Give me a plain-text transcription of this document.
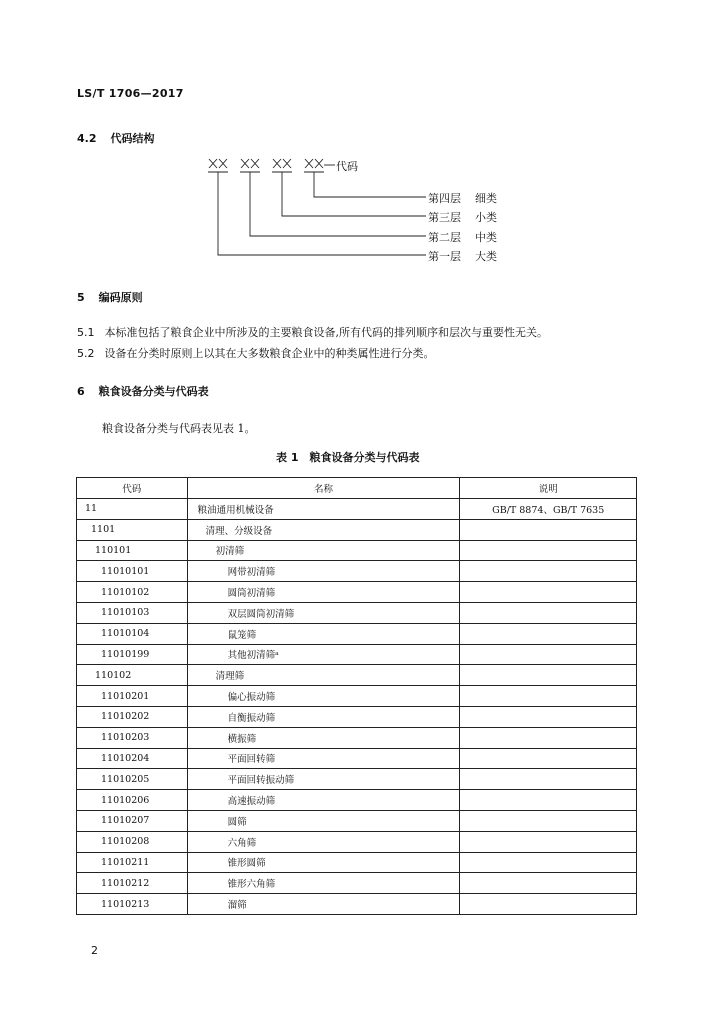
LS/T 1706—2017
4.2 代码结构
代码
第四层 细类
第三层 小类
第二层 中类
第一层 大类
5 编码原则
5.1 本标准包括了粮食企业中所涉及的主要粮食设备,所有代码的排列顺序和层次与重要性无关。
5.2 设备在分类时原则上以其在大多数粮食企业中的种类属性进行分类。
6 粮食设备分类与代码表
粮食设备分类与代码表见表 1。
表 1　粮食设备分类与代码表
代码	名称	说明
11	粮油通用机械设备	GB/T 8874、GB/T 7635
1101	清理、分级设备	
110101	初清筛	
11010101	网带初清筛	
11010102	圆筒初清筛	
11010103	双层圆筒初清筛	
11010104	鼠笼筛	
11010199	其他初清筛ᵃ	
110102	清理筛	
11010201	偏心振动筛	
11010202	自衡振动筛	
11010203	横振筛	
11010204	平面回转筛	
11010205	平面回转振动筛	
11010206	高速振动筛	
11010207	圆筛	
11010208	六角筛	
11010211	锥形圆筛	
11010212	锥形六角筛	
11010213	溜筛	
2
